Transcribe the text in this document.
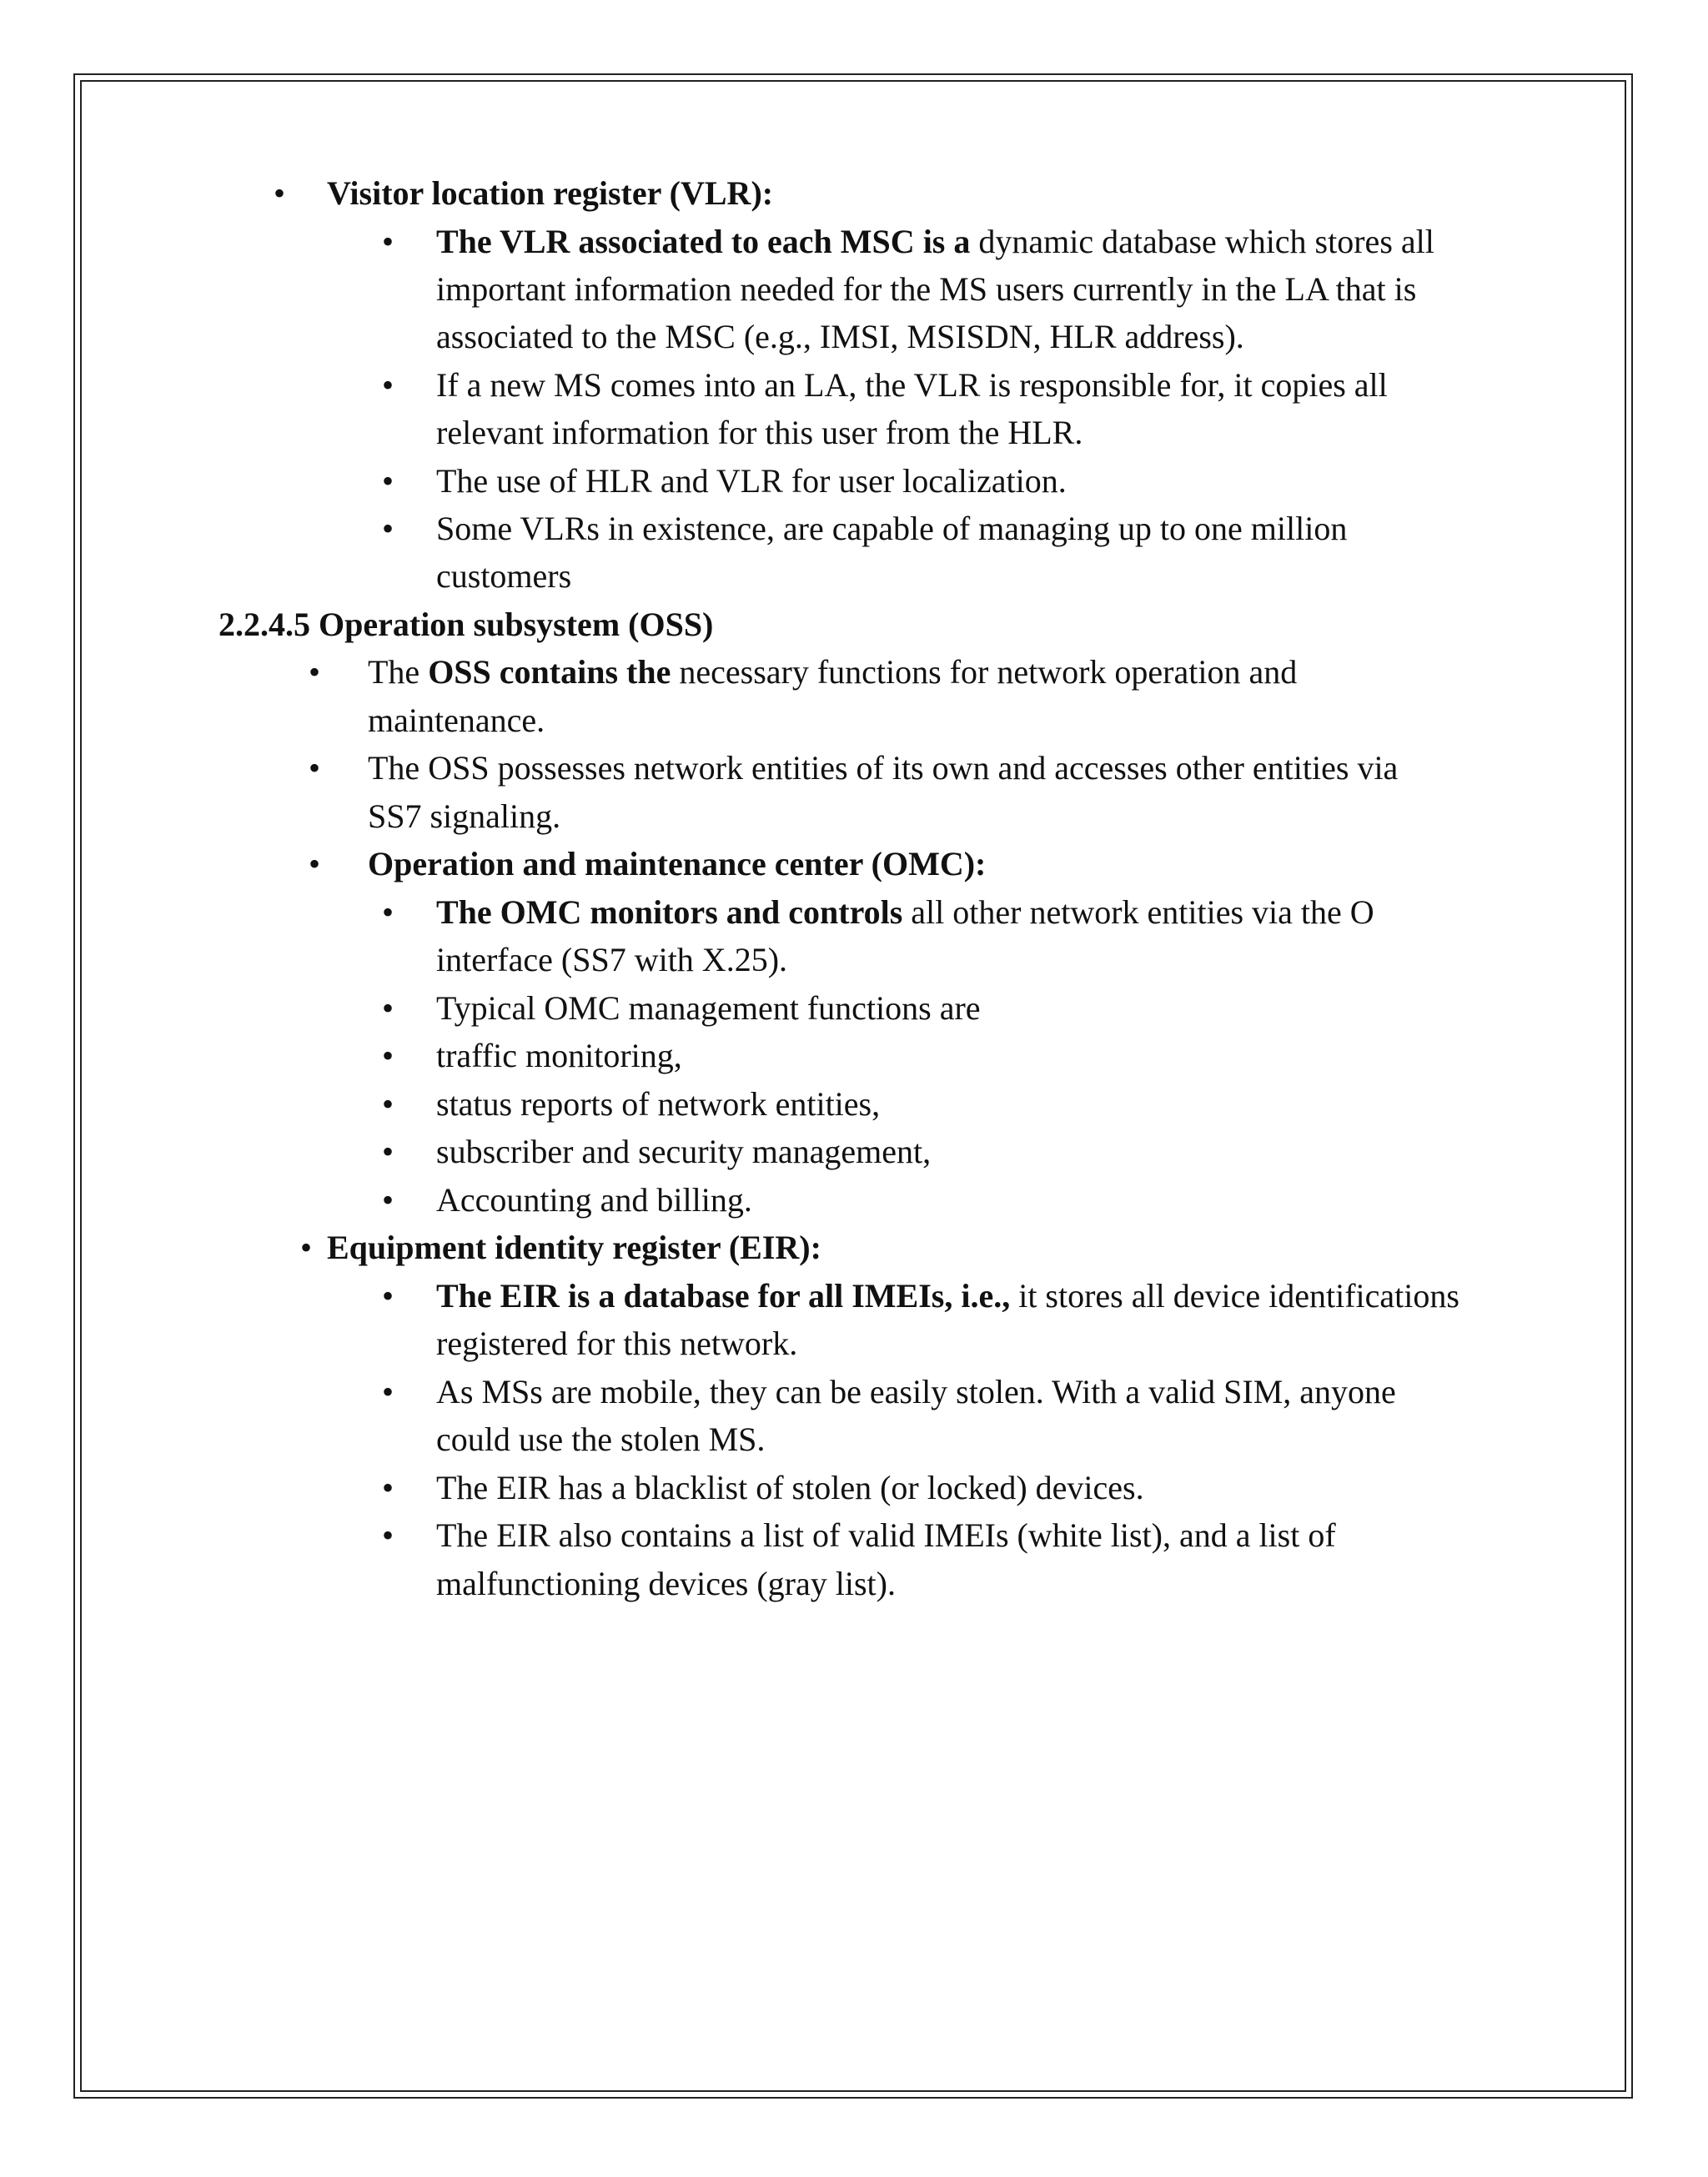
• Visitor location register (VLR):
• The VLR associated to each MSC is a dynamic database which stores all
important information needed for the MS users currently in the LA that is
associated to the MSC (e.g., IMSI, MSISDN, HLR address).
• If a new MS comes into an LA, the VLR is responsible for, it copies all
relevant information for this user from the HLR.
• The use of HLR and VLR for user localization.
• Some VLRs in existence, are capable of managing up to one million
customers
2.2.4.5 Operation subsystem (OSS)
• The OSS contains the necessary functions for network operation and
maintenance.
• The OSS possesses network entities of its own and accesses other entities via
SS7 signaling.
• Operation and maintenance center (OMC):
• The OMC monitors and controls all other network entities via the O
interface (SS7 with X.25).
• Typical OMC management functions are
• traffic monitoring,
• status reports of network entities,
• subscriber and security management,
• Accounting and billing.
• Equipment identity register (EIR):
• The EIR is a database for all IMEIs, i.e., it stores all device identifications
registered for this network.
• As MSs are mobile, they can be easily stolen. With a valid SIM, anyone
could use the stolen MS.
• The EIR has a blacklist of stolen (or locked) devices.
• The EIR also contains a list of valid IMEIs (white list), and a list of
malfunctioning devices (gray list).
